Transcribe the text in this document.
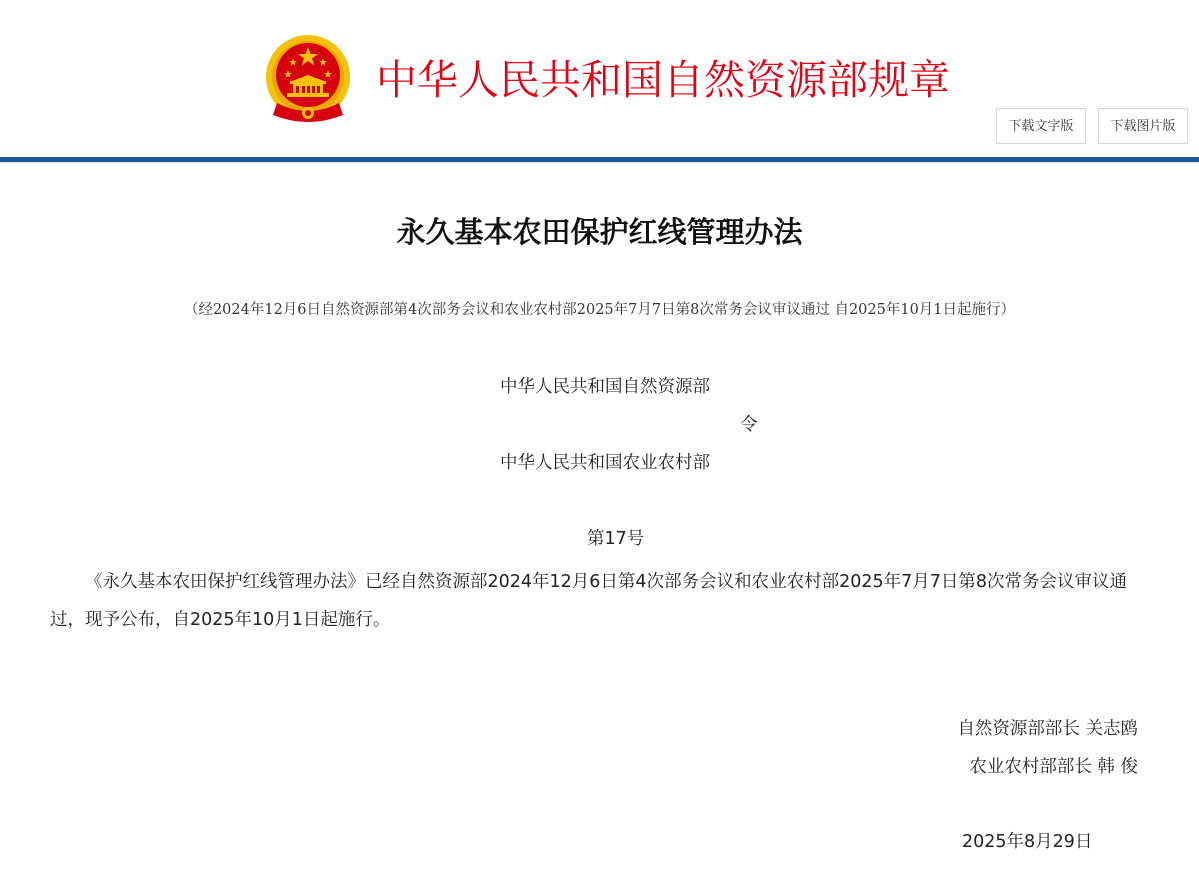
中华人民共和国自然资源部规章
下载文字版	下载图片版
永久基本农田保护红线管理办法

（经2024年12月6日自然资源部第4次部务会议和农业农村部2025年7月7日第8次常务会议审议通过 自2025年10月1日起施行）

中华人民共和国自然资源部
令
中华人民共和国农业农村部
第17号

《永久基本农田保护红线管理办法》已经自然资源部2024年12月6日第4次部务会议和农业农村部2025年7月7日第8次常务会议审议通过，现予公布，自2025年10月1日起施行。

自然资源部部长 关志鸥
农业农村部部长 韩 俊
2025年8月29日
